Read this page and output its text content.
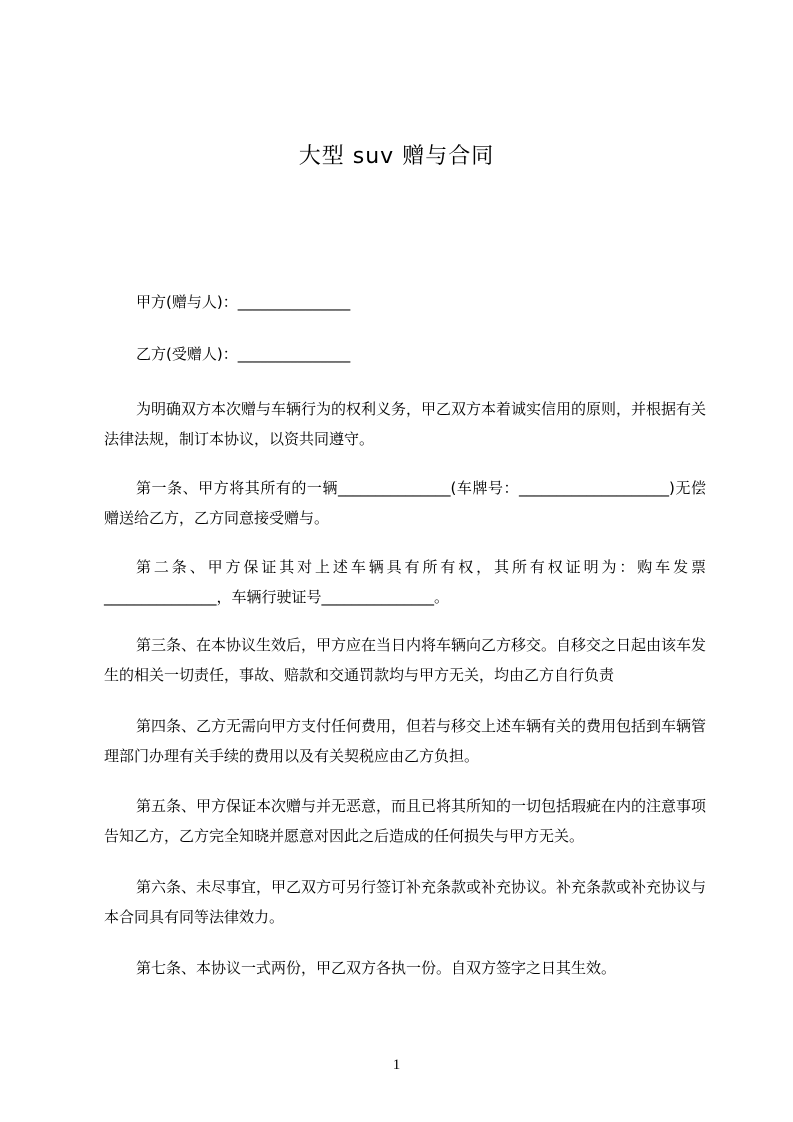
大型 suv 赠与合同
甲方(赠与人)：_______________
乙方(受赠人)：_______________
为明确双方本次赠与车辆行为的权利义务，甲乙双方本着诚实信用的原则，并根据有关法律法规，制订本协议，以资共同遵守。
第一条、甲方将其所有的一辆_______________(车牌号：____________________)无偿赠送给乙方，乙方同意接受赠与。
第二条、甲方保证其对上述车辆具有所有权，其所有权证明为：购车发票_______________，车辆行驶证号_______________。
第三条、在本协议生效后，甲方应在当日内将车辆向乙方移交。自移交之日起由该车发生的相关一切责任，事故、赔款和交通罚款均与甲方无关，均由乙方自行负责
第四条、乙方无需向甲方支付任何费用，但若与移交上述车辆有关的费用包括到车辆管理部门办理有关手续的费用以及有关契税应由乙方负担。
第五条、甲方保证本次赠与并无恶意，而且已将其所知的一切包括瑕疵在内的注意事项告知乙方，乙方完全知晓并愿意对因此之后造成的任何损失与甲方无关。
第六条、未尽事宜，甲乙双方可另行签订补充条款或补充协议。补充条款或补充协议与本合同具有同等法律效力。
第七条、本协议一式两份，甲乙双方各执一份。自双方签字之日其生效。
1
